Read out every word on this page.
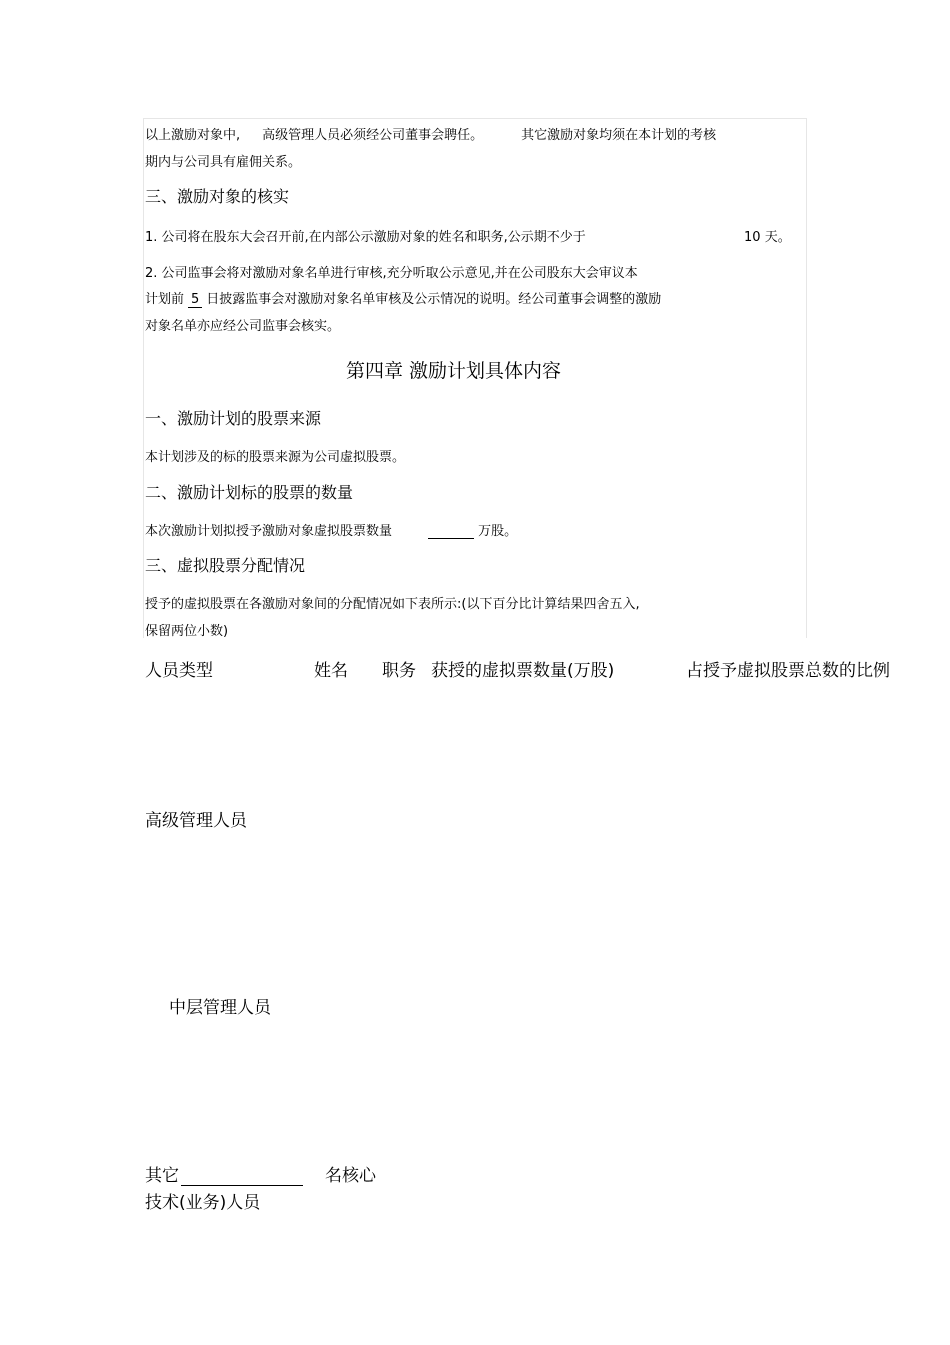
以上激励对象中, 高级管理人员必须经公司董事会聘任。	其它激励对象均须在本计划的考核
期内与公司具有雇佣关系。
三、激励对象的核实
1. 公司将在股东大会召开前,在内部公示激励对象的姓名和职务,公示期不少于	10 天。
2. 公司监事会将对激励对象名单进行审核,充分听取公示意见,并在公司股东大会审议本
计划前 5 日披露监事会对激励对象名单审核及公示情况的说明。经公司董事会调整的激励
对象名单亦应经公司监事会核实。
第四章 激励计划具体内容
一、激励计划的股票来源
本计划涉及的标的股票来源为公司虚拟股票。
二、激励计划标的股票的数量
本次激励计划拟授予激励对象虚拟股票数量	万股。
三、虚拟股票分配情况
授予的虚拟股票在各激励对象间的分配情况如下表所示:(以下百分比计算结果四舍五入,
保留两位小数)
人员类型	姓名 职务 获授的虚拟票数量(万股)	占授予虚拟股票总数的比例
高级管理人员
中层管理人员
其它	名核心
技术(业务)人员
